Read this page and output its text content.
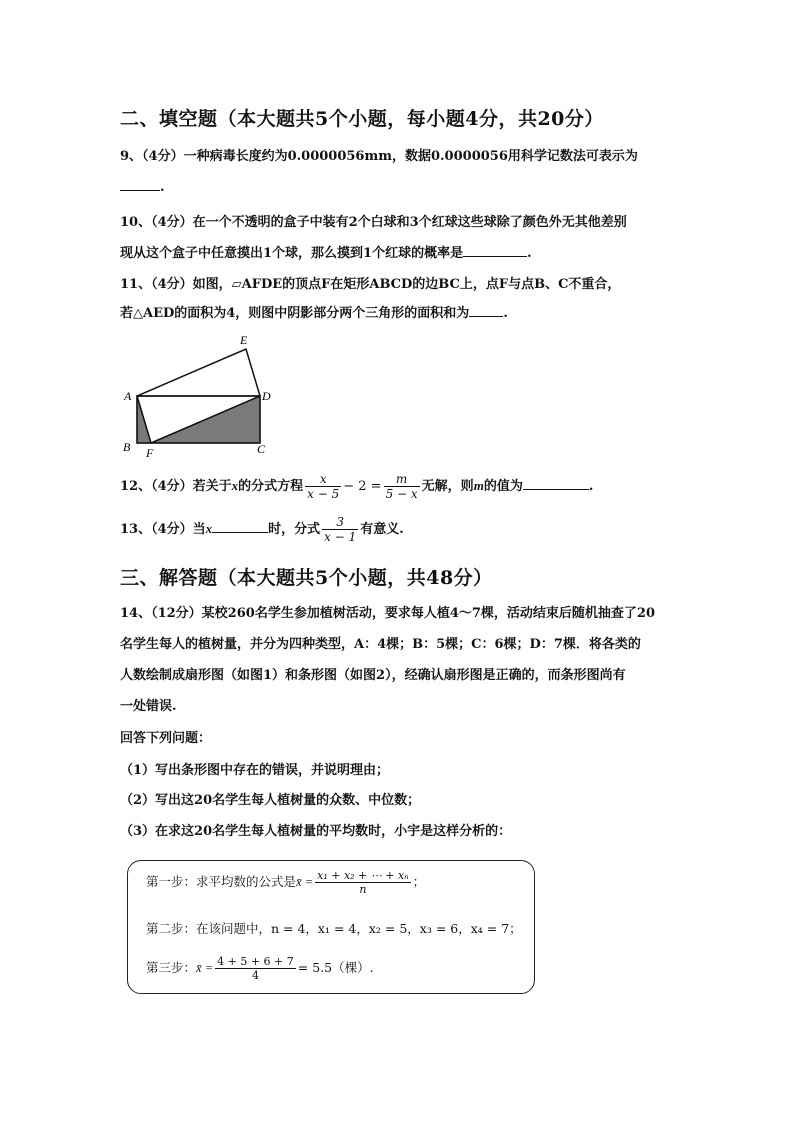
二、填空题（本大题共5个小题，每小题4分，共20分）
9、（4分）一种病毒长度约为0.0000056mm，数据0.0000056用科学记数法可表示为
.
10、（4分）在一个不透明的盒子中装有2个白球和3个红球这些球除了颜色外无其他差别
现从这个盒子中任意摸出1个球，那么摸到1个红球的概率是	.
11、（4分）如图，▱AFDE的顶点F在矩形ABCD的边BC上，点F与点B、C不重合，
若△AED的面积为4，则图中阴影部分两个三角形的面积和为	.
E
A	D
B	C
F
12、（4分）若关于x的分式方程 $\frac{x}{x - 5} - 2 = \frac{m}{5 - x}$ 无解，则m的值为	.
13、（4分）当x	时，分式 $\frac{3}{x - 1}$ 有意义.
三、解答题（本大题共5个小题，共48分）
14、（12分）某校260名学生参加植树活动，要求每人植4～7棵，活动结束后随机抽查了20
名学生每人的植树量，并分为四种类型，A：4棵；B：5棵；C：6棵；D：7棵．将各类的
人数绘制成扇形图（如图1）和条形图（如图2），经确认扇形图是正确的，而条形图尚有
一处错误.
回答下列问题：
（1）写出条形图中存在的错误，并说明理由；
（2）写出这20名学生每人植树量的众数、中位数；
（3）在求这20名学生每人植树量的平均数时，小宇是这样分析的：
第一步：求平均数的公式是x̄ = $\frac{\text{x₁ + x₂ + ⋯ + xₙ}}{n}$ ；
第二步：在该问题中，n = 4，x₁ = 4，x₂ = 5，x₃ = 6，x₄ = 7；
第三步：x̄ = $\frac{4 + 5 + 6 + 7}{4} = 5.5$（棵）.
